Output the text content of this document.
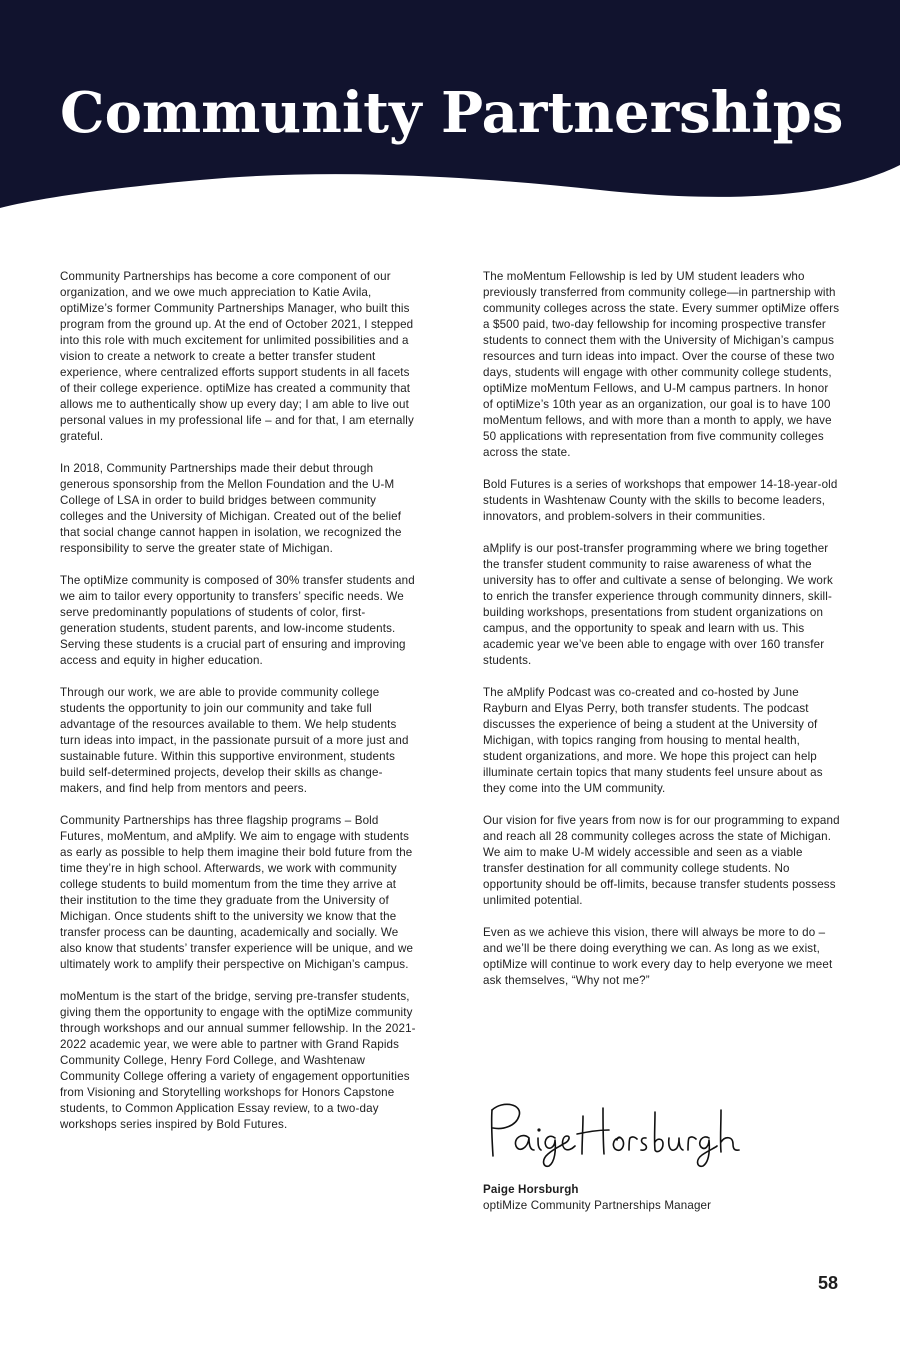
Community Partnerships

Community Partnerships has become a core component of our organization, and we owe much appreciation to Katie Avila, optiMize’s former Community Partnerships Manager, who built this program from the ground up. At the end of October 2021, I stepped into this role with much excitement for unlimited possibilities and a vision to create a network to create a better transfer student experience, where centralized efforts support students in all facets of their college experience. optiMize has created a community that allows me to authentically show up every day; I am able to live out personal values in my professional life – and for that, I am eternally grateful.

In 2018, Community Partnerships made their debut through generous sponsorship from the Mellon Foundation and the U-M College of LSA in order to build bridges between community colleges and the University of Michigan. Created out of the belief that social change cannot happen in isolation, we recognized the responsibility to serve the greater state of Michigan.

The optiMize community is composed of 30% transfer students and we aim to tailor every opportunity to transfers’ specific needs. We serve predominantly populations of students of color, first-generation students, student parents, and low-income students. Serving these students is a crucial part of ensuring and improving access and equity in higher education.

Through our work, we are able to provide community college students the opportunity to join our community and take full advantage of the resources available to them. We help students turn ideas into impact, in the passionate pursuit of a more just and sustainable future. Within this supportive environment, students build self-determined projects, develop their skills as change-makers, and find help from mentors and peers.

Community Partnerships has three flagship programs – Bold Futures, moMentum, and aMplify. We aim to engage with students as early as possible to help them imagine their bold future from the time they’re in high school. Afterwards, we work with community college students to build momentum from the time they arrive at their institution to the time they graduate from the University of Michigan. Once students shift to the university we know that the transfer process can be daunting, academically and socially. We also know that students’ transfer experience will be unique, and we ultimately work to amplify their perspective on Michigan’s campus.

moMentum is the start of the bridge, serving pre-transfer students, giving them the opportunity to engage with the optiMize community through workshops and our annual summer fellowship. In the 2021-2022 academic year, we were able to partner with Grand Rapids Community College, Henry Ford College, and Washtenaw Community College offering a variety of engagement opportunities from Visioning and Storytelling workshops for Honors Capstone students, to Common Application Essay review, to a two-day workshops series inspired by Bold Futures.

The moMentum Fellowship is led by UM student leaders who previously transferred from community college—in partnership with community colleges across the state. Every summer optiMize offers a $500 paid, two-day fellowship for incoming prospective transfer students to connect them with the University of Michigan’s campus resources and turn ideas into impact. Over the course of these two days, students will engage with other community college students, optiMize moMentum Fellows, and U-M campus partners. In honor of optiMize’s 10th year as an organization, our goal is to have 100 moMentum fellows, and with more than a month to apply, we have 50 applications with representation from five community colleges across the state.

Bold Futures is a series of workshops that empower 14-18-year-old students in Washtenaw County with the skills to become leaders, innovators, and problem-solvers in their communities.

aMplify is our post-transfer programming where we bring together the transfer student community to raise awareness of what the university has to offer and cultivate a sense of belonging. We work to enrich the transfer experience through community dinners, skill-building workshops, presentations from student organizations on campus, and the opportunity to speak and learn with us. This academic year we’ve been able to engage with over 160 transfer students.

The aMplify Podcast was co-created and co-hosted by June Rayburn and Elyas Perry, both transfer students. The podcast discusses the experience of being a student at the University of Michigan, with topics ranging from housing to mental health, student organizations, and more. We hope this project can help illuminate certain topics that many students feel unsure about as they come into the UM community.

Our vision for five years from now is for our programming to expand and reach all 28 community colleges across the state of Michigan. We aim to make U-M widely accessible and seen as a viable transfer destination for all community college students. No opportunity should be off-limits, because transfer students possess unlimited potential.

Even as we achieve this vision, there will always be more to do – and we’ll be there doing everything we can. As long as we exist, optiMize will continue to work every day to help everyone we meet ask themselves, “Why not me?”

Paige Horsburgh
optiMize Community Partnerships Manager
58
